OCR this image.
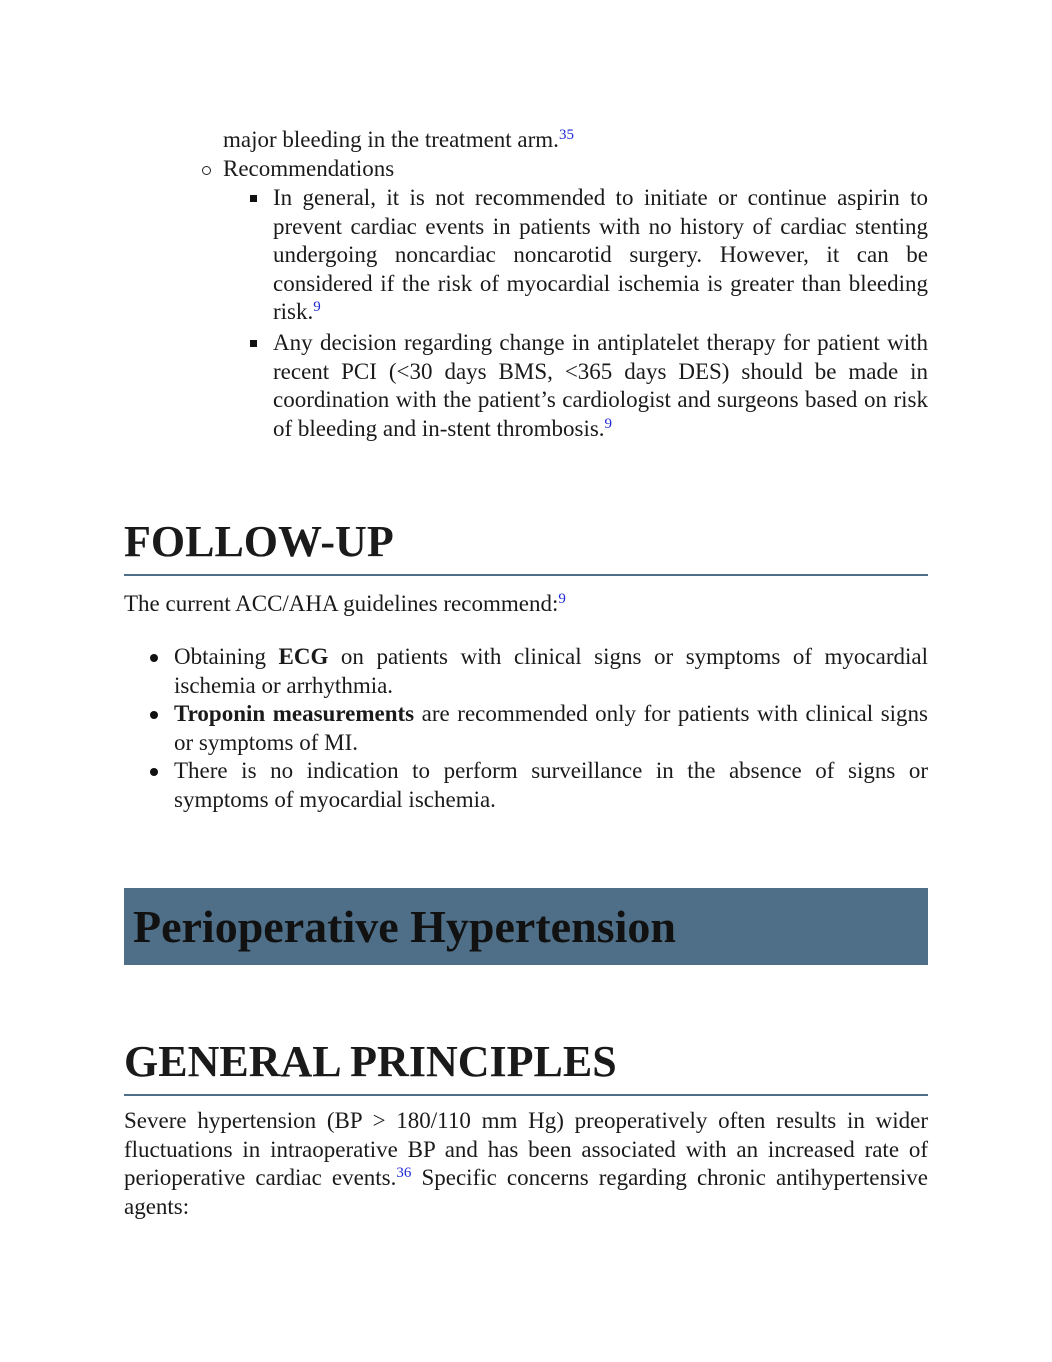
major bleeding in the treatment arm.$^{35}$

Recommendations

In general, it is not recommended to initiate or continue aspirin to prevent cardiac events in patients with no history of cardiac stenting undergoing noncardiac noncarotid surgery. However, it can be considered if the risk of myocardial ischemia is greater than bleeding risk.$^9$
Any decision regarding change in antiplatelet therapy for patient with recent PCI (<30 days BMS, <365 days DES) should be made in coordination with the patient’s cardiologist and surgeons based on risk of bleeding and in-stent thrombosis.$^9$
FOLLOW-UP

The current ACC/AHA guidelines recommend:$^9$

Obtaining ECG on patients with clinical signs or symptoms of myocardial ischemia or arrhythmia.
Troponin measurements are recommended only for patients with clinical signs or symptoms of MI.
There is no indication to perform surveillance in the absence of signs or symptoms of myocardial ischemia.
Perioperative Hypertension
GENERAL PRINCIPLES

Severe hypertension (BP > 180/110 mm Hg) preoperatively often results in wider fluctuations in intraoperative BP and has been associated with an increased rate of perioperative cardiac events.$^{36}$ Specific concerns regarding chronic antihypertensive agents:
